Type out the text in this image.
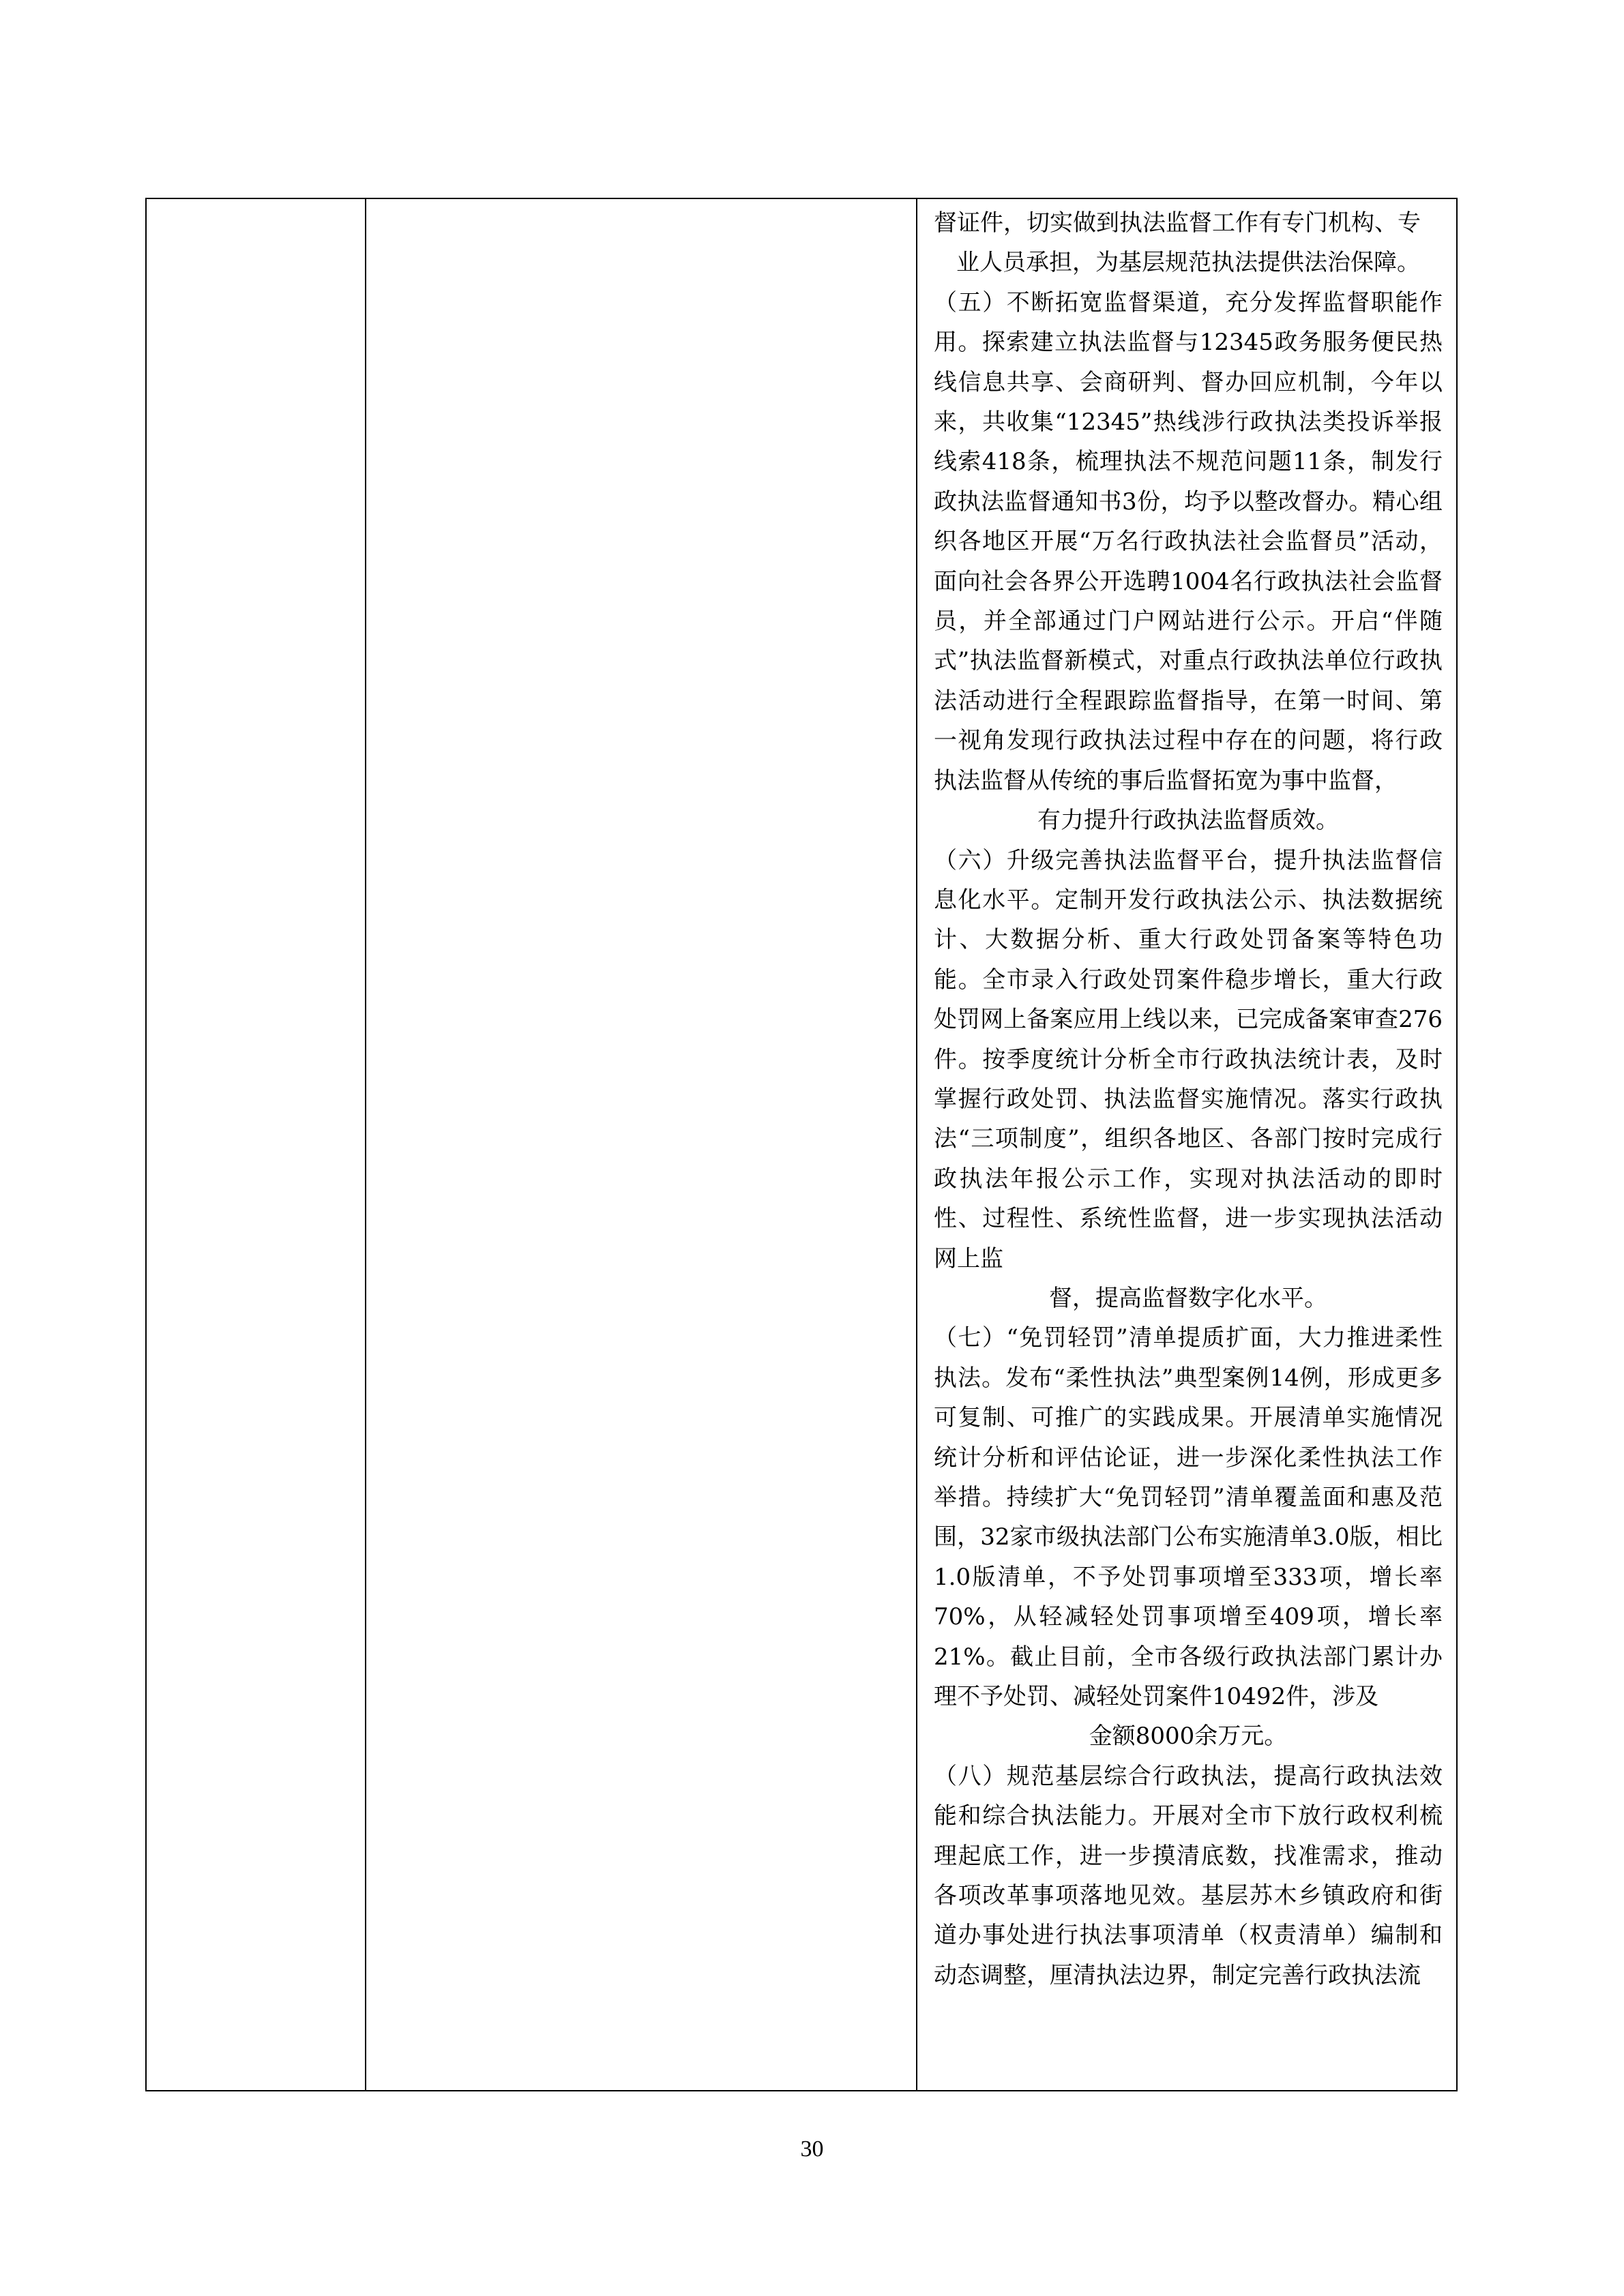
督证件，切实做到执法监督工作有专门机构、专

业人员承担，为基层规范执法提供法治保障。

（五）不断拓宽监督渠道，充分发挥监督职能作用。探索建立执法监督与12345政务服务便民热线信息共享、会商研判、督办回应机制，今年以来，共收集“12345”热线涉行政执法类投诉举报线索418条，梳理执法不规范问题11条，制发行政执法监督通知书3份，均予以整改督办。精心组织各地区开展“万名行政执法社会监督员”活动，面向社会各界公开选聘1004名行政执法社会监督员，并全部通过门户网站进行公示。开启“伴随式”执法监督新模式，对重点行政执法单位行政执法活动进行全程跟踪监督指导，在第一时间、第一视角发现行政执法过程中存在的问题，将行政执法监督从传统的事后监督拓宽为事中监督，

有力提升行政执法监督质效。

（六）升级完善执法监督平台，提升执法监督信息化水平。定制开发行政执法公示、执法数据统计、大数据分析、重大行政处罚备案等特色功能。全市录入行政处罚案件稳步增长，重大行政处罚网上备案应用上线以来，已完成备案审查276件。按季度统计分析全市行政执法统计表，及时掌握行政处罚、执法监督实施情况。落实行政执法“三项制度”，组织各地区、各部门按时完成行政执法年报公示工作，实现对执法活动的即时性、过程性、系统性监督，进一步实现执法活动网上监

督，提高监督数字化水平。

（七）“免罚轻罚”清单提质扩面，大力推进柔性执法。发布“柔性执法”典型案例14例，形成更多可复制、可推广的实践成果。开展清单实施情况统计分析和评估论证，进一步深化柔性执法工作举措。持续扩大“免罚轻罚”清单覆盖面和惠及范围，32家市级执法部门公布实施清单3.0版，相比1.0版清单，不予处罚事项增至333项，增长率70%，从轻减轻处罚事项增至409项，增长率21%。截止目前，全市各级行政执法部门累计办理不予处罚、减轻处罚案件10492件，涉及

金额8000余万元。

（八）规范基层综合行政执法，提高行政执法效能和综合执法能力。开展对全市下放行政权利梳理起底工作，进一步摸清底数，找准需求，推动各项改革事项落地见效。基层苏木乡镇政府和街道办事处进行执法事项清单（权责清单）编制和动态调整，厘清执法边界，制定完善行政执法流

30
